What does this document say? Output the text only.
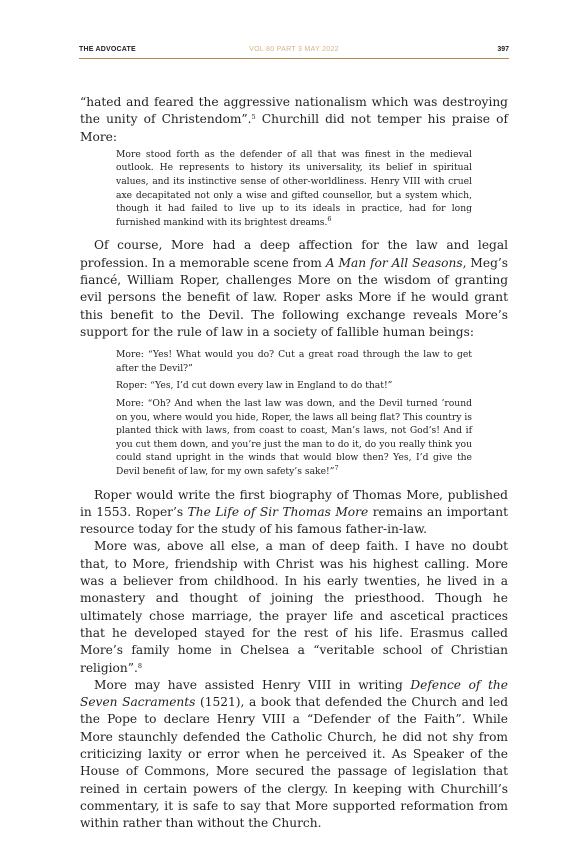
THE ADVOCATE	VOL 80 PART 3 MAY 2022	397

“hated and feared the aggressive nationalism which was destroying the unity of Christendom”.$^5$ Churchill did not temper his praise of More:

More stood forth as the defender of all that was finest in the medieval outlook. He represents to history its universality, its belief in spiritual values, and its instinctive sense of other-worldliness. Henry VIII with cruel axe decapitated not only a wise and gifted counsellor, but a system which, though it had failed to live up to its ideals in practice, had for long furnished mankind with its brightest dreams.$^6$

Of course, More had a deep affection for the law and legal profession. In a memorable scene from A Man for All Seasons, Meg’s fiancé, William Roper, challenges More on the wisdom of granting evil persons the benefit of law. Roper asks More if he would grant this benefit to the Devil. The following exchange reveals More’s support for the rule of law in a society of fallible human beings:

More: “Yes! What would you do? Cut a great road through the law to get after the Devil?”

Roper: “Yes, I’d cut down every law in England to do that!”

More: “Oh? And when the last law was down, and the Devil turned ’round on you, where would you hide, Roper, the laws all being flat? This country is planted thick with laws, from coast to coast, Man’s laws, not God’s! And if you cut them down, and you’re just the man to do it, do you really think you could stand upright in the winds that would blow then? Yes, I’d give the Devil benefit of law, for my own safety’s sake!”$^7$

Roper would write the first biography of Thomas More, published in 1553. Roper’s The Life of Sir Thomas More remains an important resource today for the study of his famous father-in-law.

More was, above all else, a man of deep faith. I have no doubt that, to More, friendship with Christ was his highest calling. More was a believer from childhood. In his early twenties, he lived in a monastery and thought of joining the priesthood. Though he ultimately chose marriage, the prayer life and ascetical practices that he developed stayed for the rest of his life. Erasmus called More’s family home in Chelsea a “veritable school of Christian religion”.$^8$

More may have assisted Henry VIII in writing Defence of the Seven Sacraments (1521), a book that defended the Church and led the Pope to declare Henry VIII a “Defender of the Faith”. While More staunchly defended the Catholic Church, he did not shy from criticizing laxity or error when he perceived it. As Speaker of the House of Commons, More secured the passage of legislation that reined in certain powers of the clergy. In keeping with Churchill’s commentary, it is safe to say that More supported reformation from within rather than without the Church.
